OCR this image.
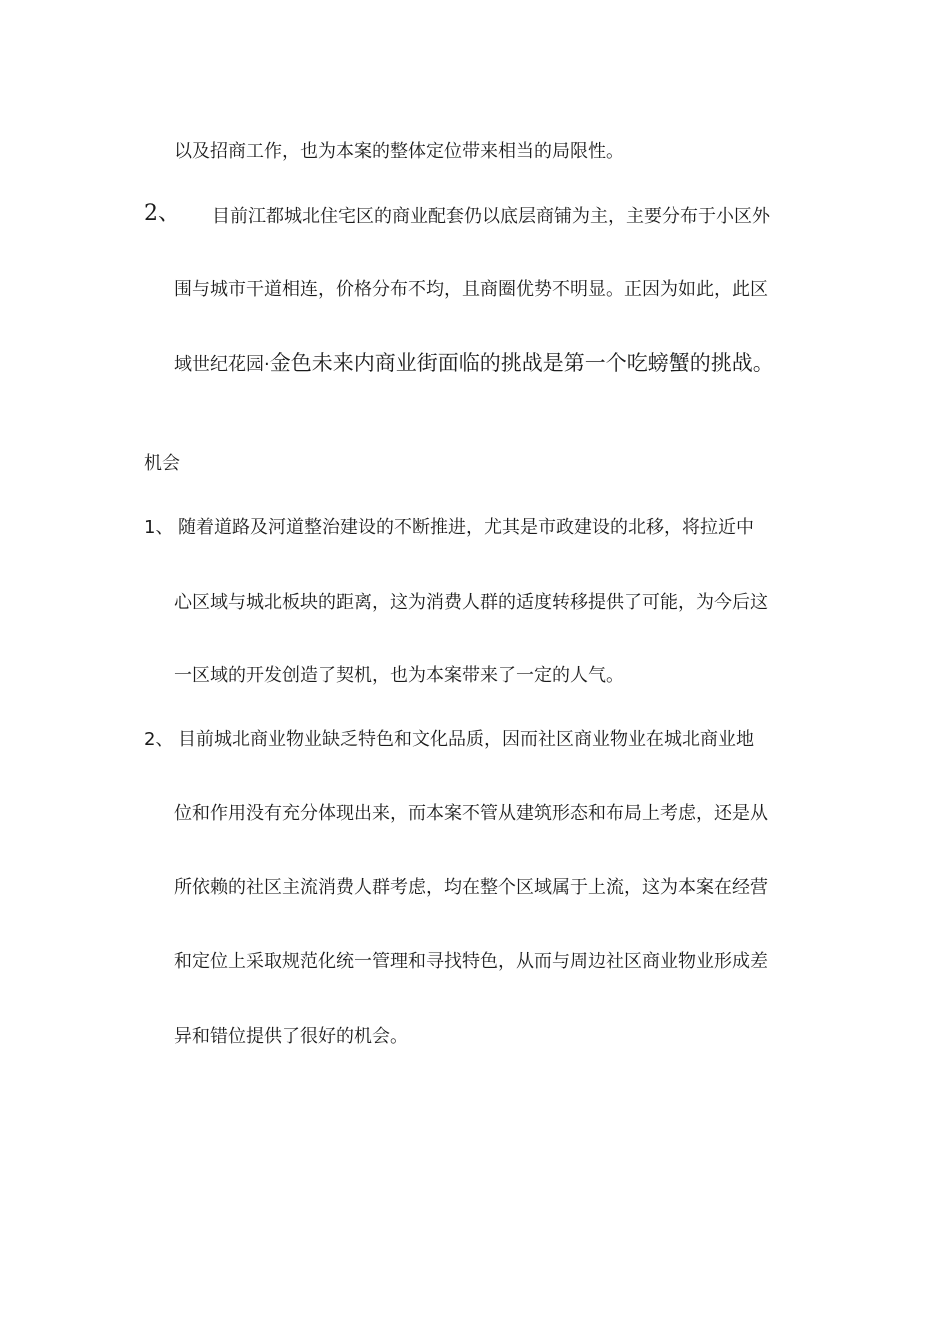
以及招商工作，也为本案的整体定位带来相当的局限性。
2、 目前江都城北住宅区的商业配套仍以底层商铺为主，主要分布于小区外
围与城市干道相连，价格分布不均，且商圈优势不明显。正因为如此，此区
域世纪花园·金色未来内商业街面临的挑战是第一个吃螃蟹的挑战。
机会
1、 随着道路及河道整治建设的不断推进，尤其是市政建设的北移，将拉近中
心区域与城北板块的距离，这为消费人群的适度转移提供了可能，为今后这
一区域的开发创造了契机，也为本案带来了一定的人气。
2、 目前城北商业物业缺乏特色和文化品质，因而社区商业物业在城北商业地
位和作用没有充分体现出来，而本案不管从建筑形态和布局上考虑，还是从
所依赖的社区主流消费人群考虑，均在整个区域属于上流，这为本案在经营
和定位上采取规范化统一管理和寻找特色，从而与周边社区商业物业形成差
异和错位提供了很好的机会。
